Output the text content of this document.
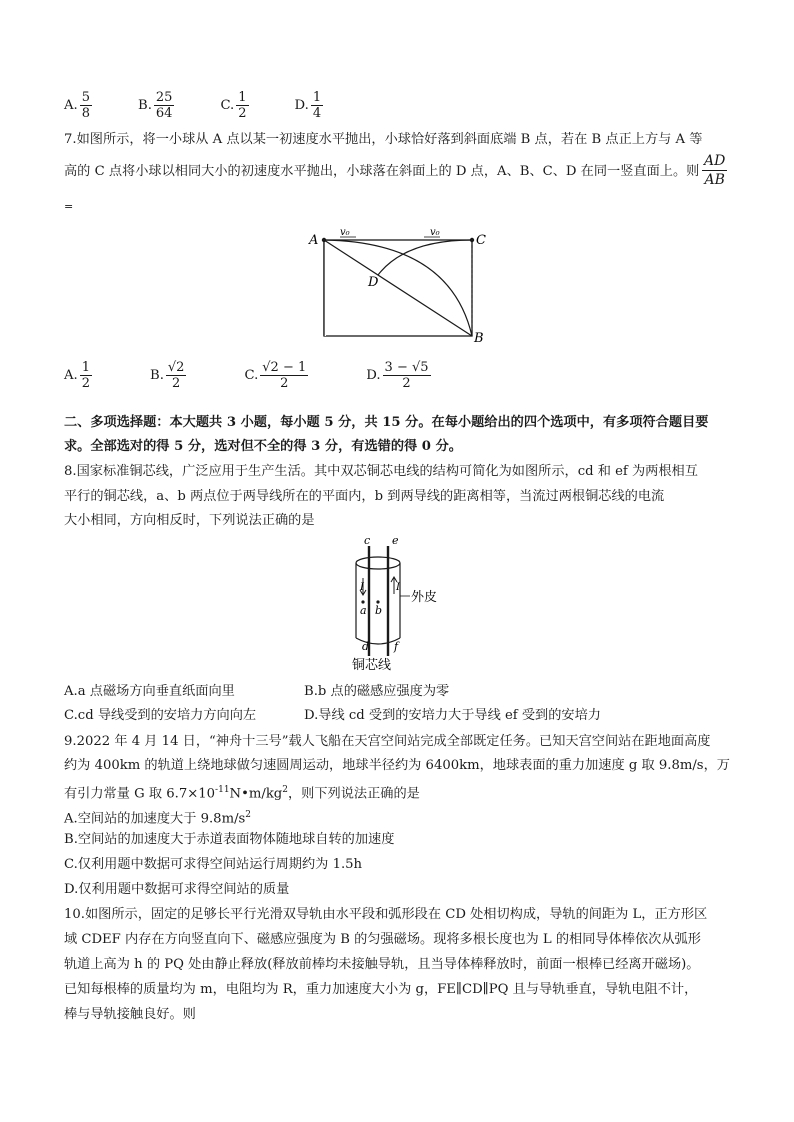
A. $\frac{5}{8}$	B. $\frac{25}{64}$	C. $\frac{1}{2}$	D. $\frac{1}{4}$
7.如图所示，将一小球从 A 点以某一初速度水平抛出，小球恰好落到斜面底端 B 点，若在 B 点正上方与 A 等
高的 C 点将小球以相同大小的初速度水平抛出，小球落在斜面上的 D 点，A、B、C、D 在同一竖直面上。则 $\frac{AD}{AB}$
=
A	C
B
D
v₀	v₀
A. $\frac{1}{2}$	B. $\frac{√2}{2}$	C. $\frac{√2 - 1}{2}$	D. $\frac{3 - √5}{2}$
二、多项选择题：本大题共 3 小题，每小题 5 分，共 15 分。在每小题给出的四个选项中，有多项符合题目要
求。全部选对的得 5 分，选对但不全的得 3 分，有选错的得 0 分。
8.国家标准铜芯线，广泛应用于生产生活。其中双芯铜芯电线的结构可简化为如图所示，cd 和 ef 为两根相互
平行的铜芯线，a、b 两点位于两导线所在的平面内，b 到两导线的距离相等，当流过两根铜芯线的电流
大小相同，方向相反时，下列说法正确的是
c e
d f
I	I
a b
外皮
铜芯线
A.a 点磁场方向垂直纸面向里	B.b 点的磁感应强度为零
C.cd 导线受到的安培力方向向左	D.导线 cd 受到的安培力大于导线 ef 受到的安培力
9.2022 年 4 月 14 日，“神舟十三号”载人飞船在天宫空间站完成全部既定任务。已知天宫空间站在距地面高度
约为 400km 的轨道上绕地球做匀速圆周运动，地球半径约为 6400km，地球表面的重力加速度 g 取 9.8m/s，万
有引力常量 G 取 $6.7\times 10^{-11}N•m/kg^2$，则下列说法正确的是
A.空间站的加速度大于 $9.8m/s^2$
B.空间站的加速度大于赤道表面物体随地球自转的加速度
C.仅利用题中数据可求得空间站运行周期约为 1.5h
D.仅利用题中数据可求得空间站的质量
10.如图所示，固定的足够长平行光滑双导轨由水平段和弧形段在 CD 处相切构成，导轨的间距为 L，正方形区
域 CDEF 内存在方向竖直向下、磁感应强度为 B 的匀强磁场。现将多根长度也为 L 的相同导体棒依次从弧形
轨道上高为 h 的 PQ 处由静止释放(释放前棒均未接触导轨，且当导体棒释放时，前面一根棒已经离开磁场)。
已知每根棒的质量均为 m，电阻均为 R，重力加速度大小为 g，FE∥CD∥PQ 且与导轨垂直，导轨电阻不计，
棒与导轨接触良好。则
